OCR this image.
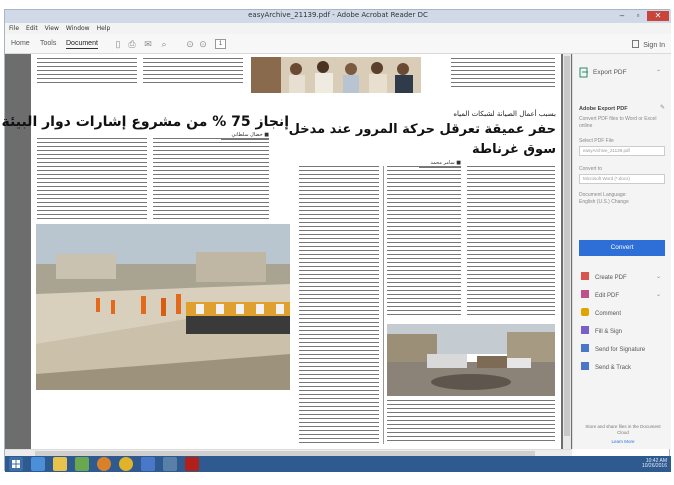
easyArchive_21139.pdf - Adobe Acrobat Reader DC	–	▫	✕
File Edit View Window Help
Home Tools Document ▯ ⎙ ✉ ⌕ ⊙ ⊙	1	Sign In
إنجاز 75 % من مشروع إشارات دوار البيئة	بسبب أعمال الصيانة لشبكات المياه
حفر عميقة تعرقل حركة المرور عند مدخل
سوق غرناطة
■ خضال سلطاني
■ سامر محمد
Export PDF	⌃
Adobe Export PDF	✎
Convert PDF files to Word or Excel online
Select PDF File
easyArchive_21139.pdf
Convert to
Microsoft Word (*.docx)
Document Language:
English (U.S.) Change
Convert
Create PDF	⌄
Edit PDF	⌄
Comment
Fill & Sign
Send for Signature
Send & Track
Store and share files in the Document Cloud
Learn More
10:42 AM
10/26/2016
